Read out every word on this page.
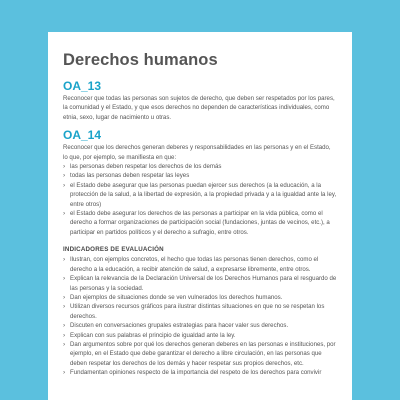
Derechos humanos
OA_13

Reconocer que todas las personas son sujetos de derecho, que deben ser respetados por los pares, la comunidad y el Estado, y que esos derechos no dependen de características individuales, como etnia, sexo, lugar de nacimiento u otras.

OA_14

Reconocer que los derechos generan deberes y responsabilidades en las personas y en el Estado, lo que, por ejemplo, se manifiesta en que:

› las personas deben respetar los derechos de los demás
› todas las personas deben respetar las leyes
› el Estado debe asegurar que las personas puedan ejercer sus derechos (a la educación, a la protección de la salud, a la libertad de expresión, a la propiedad privada y a la igualdad ante la ley, entre otros)
› el Estado debe asegurar los derechos de las personas a participar en la vida pública, como el derecho a formar organizaciones de participación social (fundaciones, juntas de vecinos, etc.), a participar en partidos políticos y el derecho a sufragio, entre otros.
INDICADORES DE EVALUACIÓN
› Ilustran, con ejemplos concretos, el hecho que todas las personas tienen derechos, como el derecho a la educación, a recibir atención de salud, a expresarse libremente, entre otros.
› Explican la relevancia de la Declaración Universal de los Derechos Humanos para el resguardo de las personas y la sociedad.
› Dan ejemplos de situaciones donde se ven vulnerados los derechos humanos.
› Utilizan diversos recursos gráficos para ilustrar distintas situaciones en que no se respetan los derechos.
› Discuten en conversaciones grupales estrategias para hacer valer sus derechos.
› Explican con sus palabras el principio de igualdad ante la ley.
› Dan argumentos sobre por qué los derechos generan deberes en las personas e instituciones, por ejemplo, en el Estado que debe garantizar el derecho a libre circulación, en las personas que deben respetar los derechos de los demás y hacer respetar sus propios derechos, etc.
› Fundamentan opiniones respecto de la importancia del respeto de los derechos para convivir
